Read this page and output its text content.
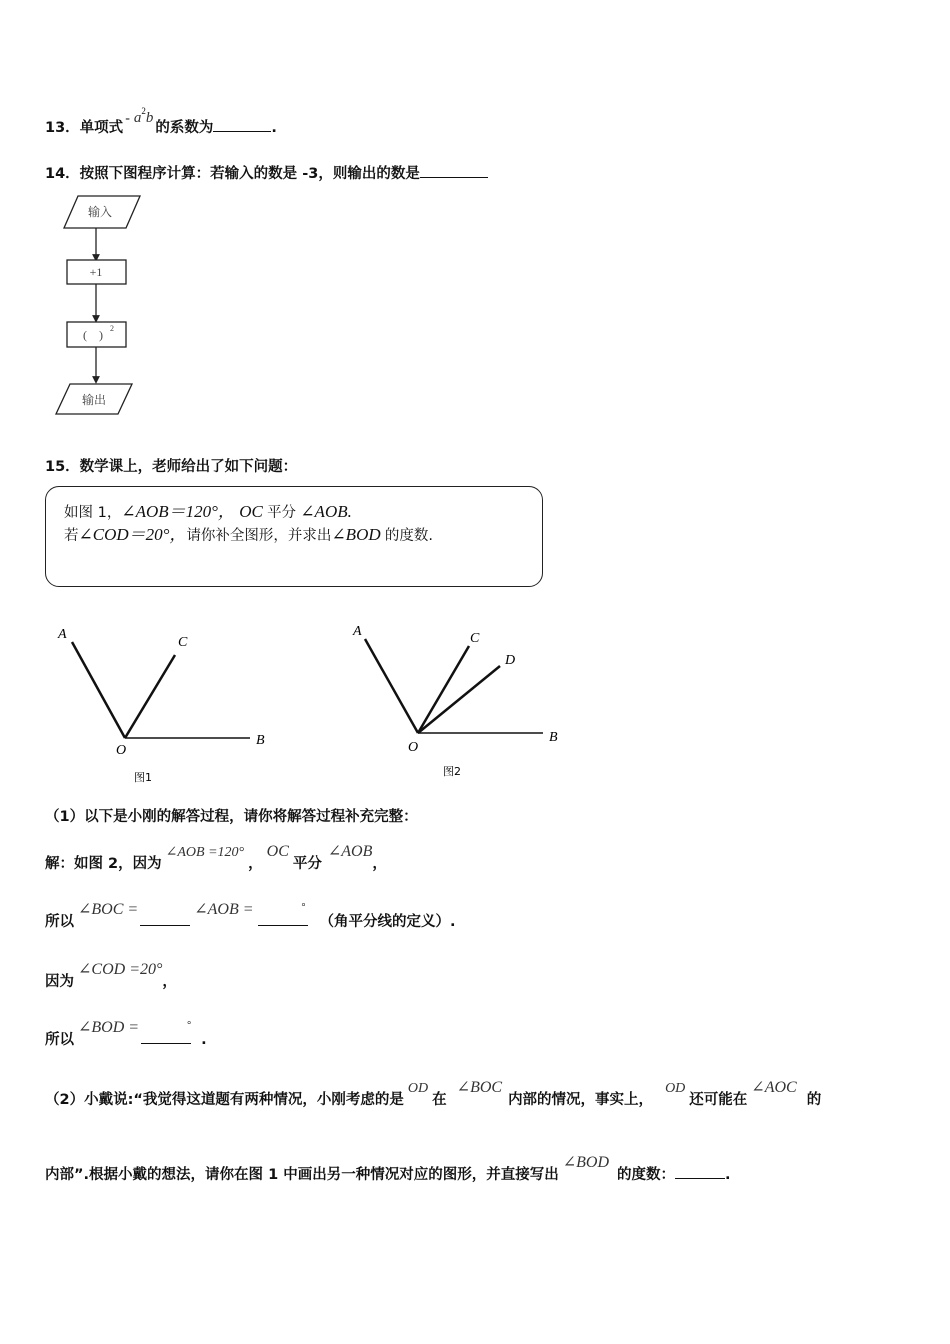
13．单项式- $a^2b$的系数为	.
14．按照下图程序计算：若输入的数是 -3，则输出的数是
输入
+1
(    ) 2
输出
15．数学课上，老师给出了如下问题：
如图 1，∠AOB＝120°， OC 平分 ∠AOB.
若∠COD＝20°，请你补全图形，并求出∠BOD 的度数.
A
C
O
B
图1
A	C
D
O
B
图2
（1）以下是小刚的解答过程，请你将解答过程补充完整：
解：如图 2，因为∠AOB =120°，OC平分∠AOB，
所以∠BOC =	∠AOB =	°（角平分线的定义）.
因为∠COD =20°，
所以∠BOD =	°.
（2）小戴说:“我觉得这道题有两种情况，小刚考虑的是OD在∠BOC内部的情况，事实上，OD还可能在∠AOC的
内部”.根据小戴的想法，请你在图 1 中画出另一种情况对应的图形，并直接写出∠BOD的度数：	.
